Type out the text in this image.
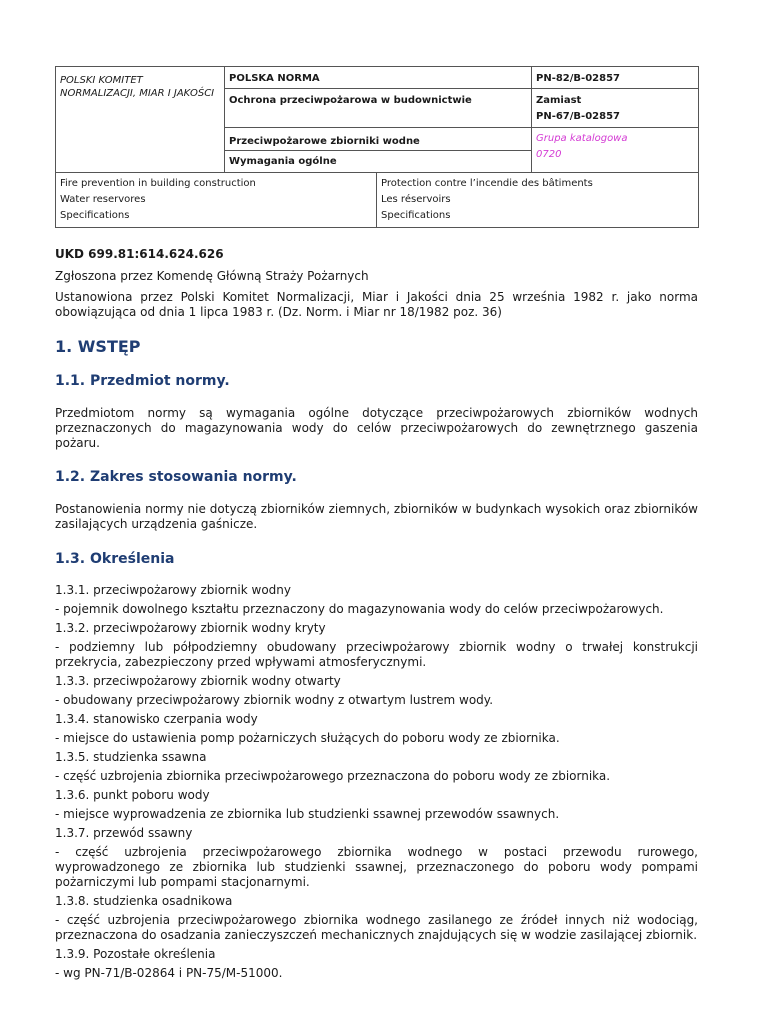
POLSKI KOMITET NORMALIZACJI, MIAR I JAKOŚCI	POLSKA NORMA	PN-82/B-02857
	Ochrona przeciwpożarowa w budownictwie	Zamiast
PN-67/B-02857

	Przeciwpożarowe zbiorniki wodne	Grupa katalogowa
0720

	Wymagania ogólne	
Fire prevention in building construction
Water reservores
Specifications

Protection contre l’incendie des bâtiments
Les réservoirs
Specifications

UKD 699.81:614.624.626

Zgłoszona przez Komendę Główną Straży Pożarnych

Ustanowiona przez Polski Komitet Normalizacji, Miar i Jakości dnia 25 września 1982 r. jako norma obowiązująca od dnia 1 lipca 1983 r. (Dz. Norm. i Miar nr 18/1982 poz. 36)

1. WSTĘP
1.1. Przedmiot normy.

Przedmiotom normy są wymagania ogólne dotyczące przeciwpożarowych zbiorników wodnych przeznaczonych do magazynowania wody do celów przeciwpożarowych do zewnętrznego gaszenia pożaru.

1.2. Zakres stosowania normy.

Postanowienia normy nie dotyczą zbiorników ziemnych, zbiorników w budynkach wysokich oraz zbiorników zasilających urządzenia gaśnicze.

1.3. Określenia

1.3.1. przeciwpożarowy zbiornik wodny

- pojemnik dowolnego kształtu przeznaczony do magazynowania wody do celów przeciwpożarowych.

1.3.2. przeciwpożarowy zbiornik wodny kryty

- podziemny lub półpodziemny obudowany przeciwpożarowy zbiornik wodny o trwałej konstrukcji przekrycia, zabezpieczony przed wpływami atmosferycznymi.

1.3.3. przeciwpożarowy zbiornik wodny otwarty

- obudowany przeciwpożarowy zbiornik wodny z otwartym lustrem wody.

1.3.4. stanowisko czerpania wody

- miejsce do ustawienia pomp pożarniczych służących do poboru wody ze zbiornika.

1.3.5. studzienka ssawna

- część uzbrojenia zbiornika przeciwpożarowego przeznaczona do poboru wody ze zbiornika.

1.3.6. punkt poboru wody

- miejsce wyprowadzenia ze zbiornika lub studzienki ssawnej przewodów ssawnych.

1.3.7. przewód ssawny

- część uzbrojenia przeciwpożarowego zbiornika wodnego w postaci przewodu rurowego, wyprowadzonego ze zbiornika lub studzienki ssawnej, przeznaczonego do poboru wody pompami pożarniczymi lub pompami stacjonarnymi.

1.3.8. studzienka osadnikowa

- część uzbrojenia przeciwpożarowego zbiornika wodnego zasilanego ze źródeł innych niż wodociąg, przeznaczona do osadzania zanieczyszczeń mechanicznych znajdujących się w wodzie zasilającej zbiornik.

1.3.9. Pozostałe określenia

- wg PN-71/B-02864 i PN-75/M-51000.
